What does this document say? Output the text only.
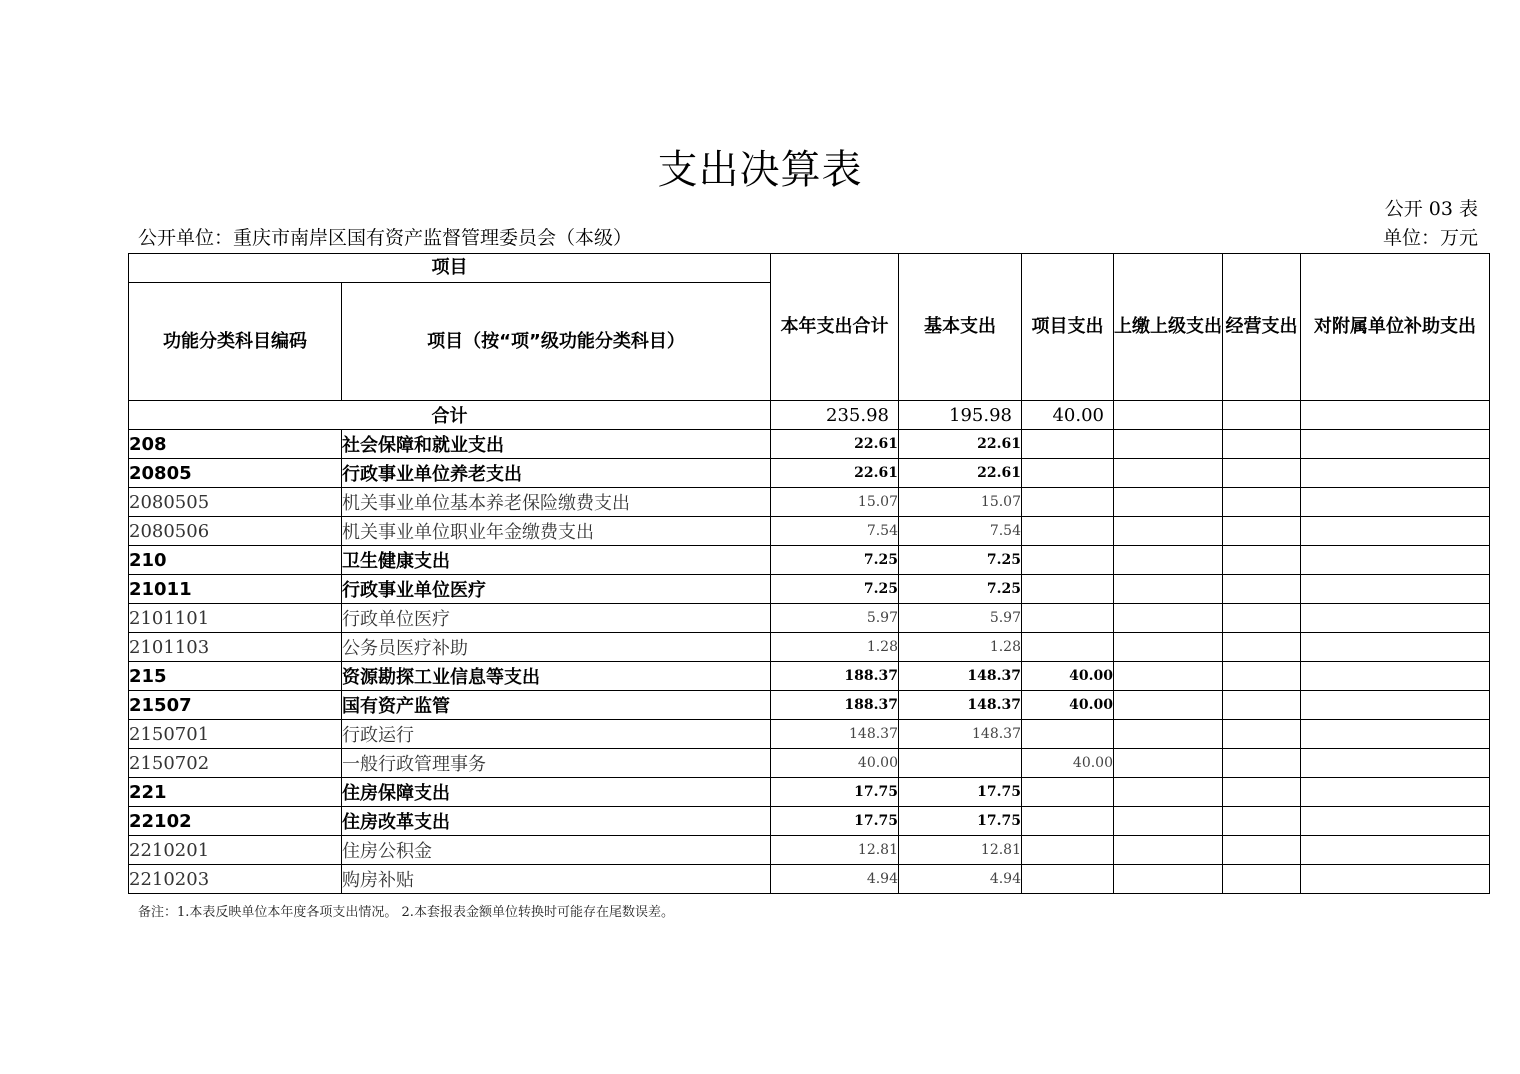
支出决算表
公开 03 表
公开单位：重庆市南岸区国有资产监督管理委员会（本级）	单位：万元
项目		本年支出合计	基本支出	项目支出	上缴上级支出	经营支出	对附属单位补助支出
功能分类科目编码	项目（按“项”级功能分类科目）						
合计		235.98	195.98	40.00			
208	社会保障和就业支出	22.61	22.61				
20805	行政事业单位养老支出	22.61	22.61				
2080505	机关事业单位基本养老保险缴费支出	15.07	15.07				
2080506	机关事业单位职业年金缴费支出	7.54	7.54				
210	卫生健康支出	7.25	7.25				
21011	行政事业单位医疗	7.25	7.25				
2101101	行政单位医疗	5.97	5.97				
2101103	公务员医疗补助	1.28	1.28				
215	资源勘探工业信息等支出	188.37	148.37	40.00			
21507	国有资产监管	188.37	148.37	40.00			
2150701	行政运行	148.37	148.37				
2150702	一般行政管理事务	40.00		40.00			
221	住房保障支出	17.75	17.75				
22102	住房改革支出	17.75	17.75				
2210201	住房公积金	12.81	12.81				
2210203	购房补贴	4.94	4.94				
备注：1.本表反映单位本年度各项支出情况。 2.本套报表金额单位转换时可能存在尾数误差。
